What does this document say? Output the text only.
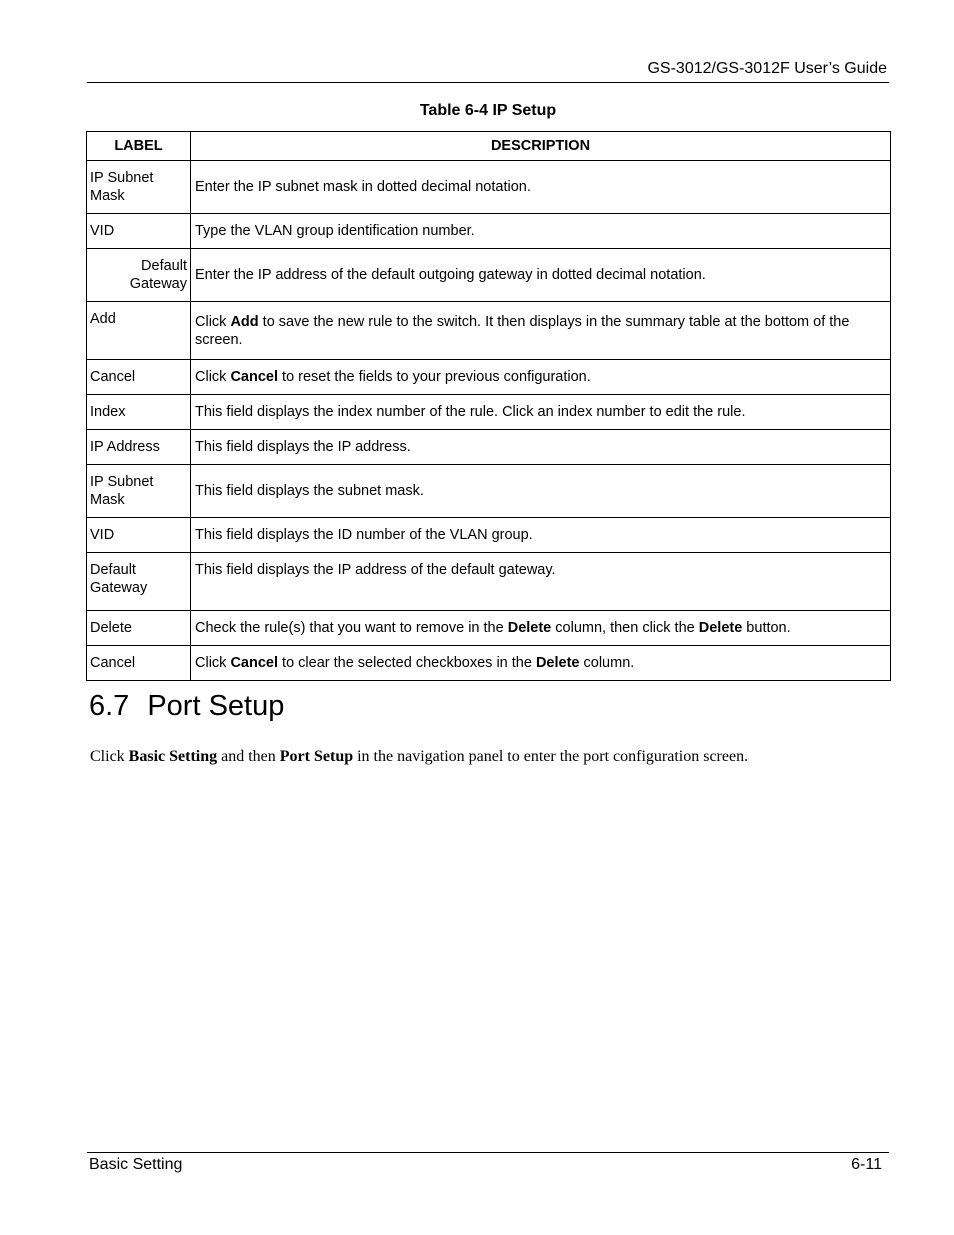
GS-3012/GS-3012F User’s Guide
Table 6-4 IP Setup
LABEL	DESCRIPTION
IP Subnet Mask	Enter the IP subnet mask in dotted decimal notation.
VID	Type the VLAN group identification number.
Default Gateway	Enter the IP address of the default outgoing gateway in dotted decimal notation.
Add	Click Add to save the new rule to the switch. It then displays in the summary table at the bottom of the screen.
Cancel	Click Cancel to reset the fields to your previous configuration.
Index	This field displays the index number of the rule. Click an index number to edit the rule.
IP Address	This field displays the IP address.
IP Subnet Mask	This field displays the subnet mask.
VID	This field displays the ID number of the VLAN group.
Default Gateway	This field displays the IP address of the default gateway.
Delete	Check the rule(s) that you want to remove in the Delete column, then click the Delete button.
Cancel	Click Cancel to clear the selected checkboxes in the Delete column.
6.7 Port Setup
Click Basic Setting and then Port Setup in the navigation panel to enter the port configuration screen.
Basic Setting	6-11
